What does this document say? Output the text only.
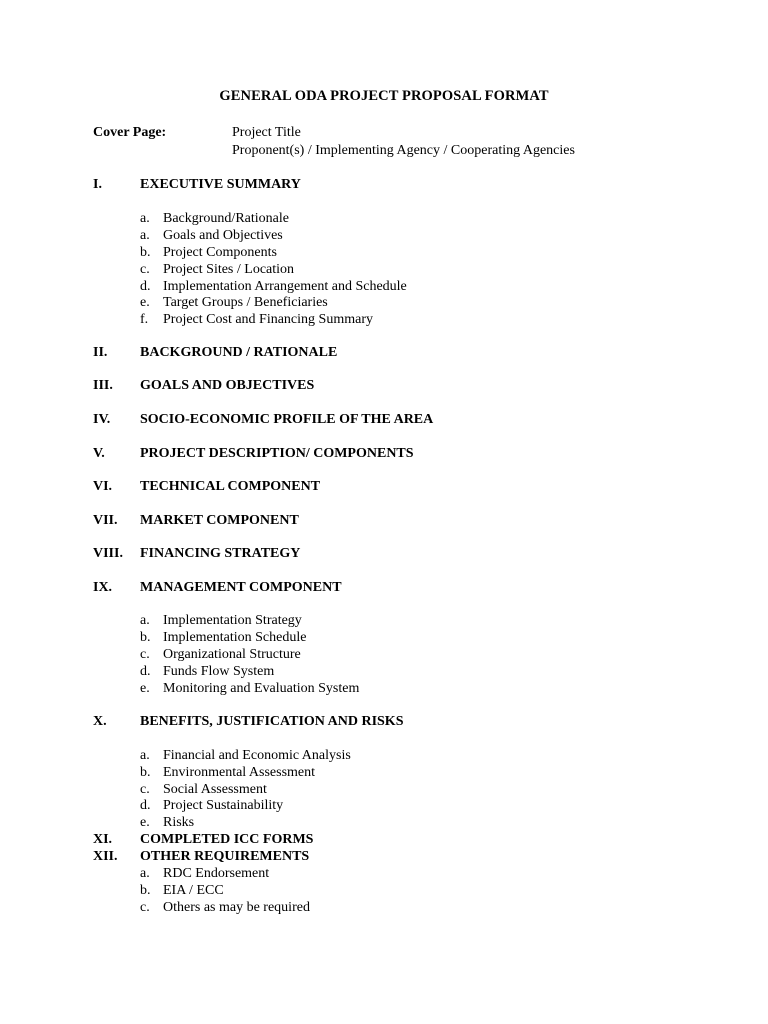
GENERAL ODA PROJECT PROPOSAL FORMAT
Cover Page:	Project Title
Proponent(s) / Implementing Agency / Cooperating Agencies
I.	EXECUTIVE SUMMARY
a. Background/Rationale
a. Goals and Objectives
b. Project Components
c. Project Sites / Location
d. Implementation Arrangement and Schedule
e. Target Groups / Beneficiaries
f. Project Cost and Financing Summary
II. BACKGROUND / RATIONALE
III. GOALS AND OBJECTIVES
IV. SOCIO-ECONOMIC PROFILE OF THE AREA
V.	PROJECT DESCRIPTION/ COMPONENTS
VI. TECHNICAL COMPONENT
VII. MARKET COMPONENT
VIII. FINANCING STRATEGY
IX. MANAGEMENT COMPONENT
a. Implementation Strategy
b. Implementation Schedule
c. Organizational Structure
d. Funds Flow System
e. Monitoring and Evaluation System
X. BENEFITS, JUSTIFICATION AND RISKS
a. Financial and Economic Analysis
b. Environmental Assessment
c. Social Assessment
d. Project Sustainability
e. Risks
XI. COMPLETED ICC FORMS
XII. OTHER REQUIREMENTS
a. RDC Endorsement
b. EIA / ECC
c. Others as may be required
